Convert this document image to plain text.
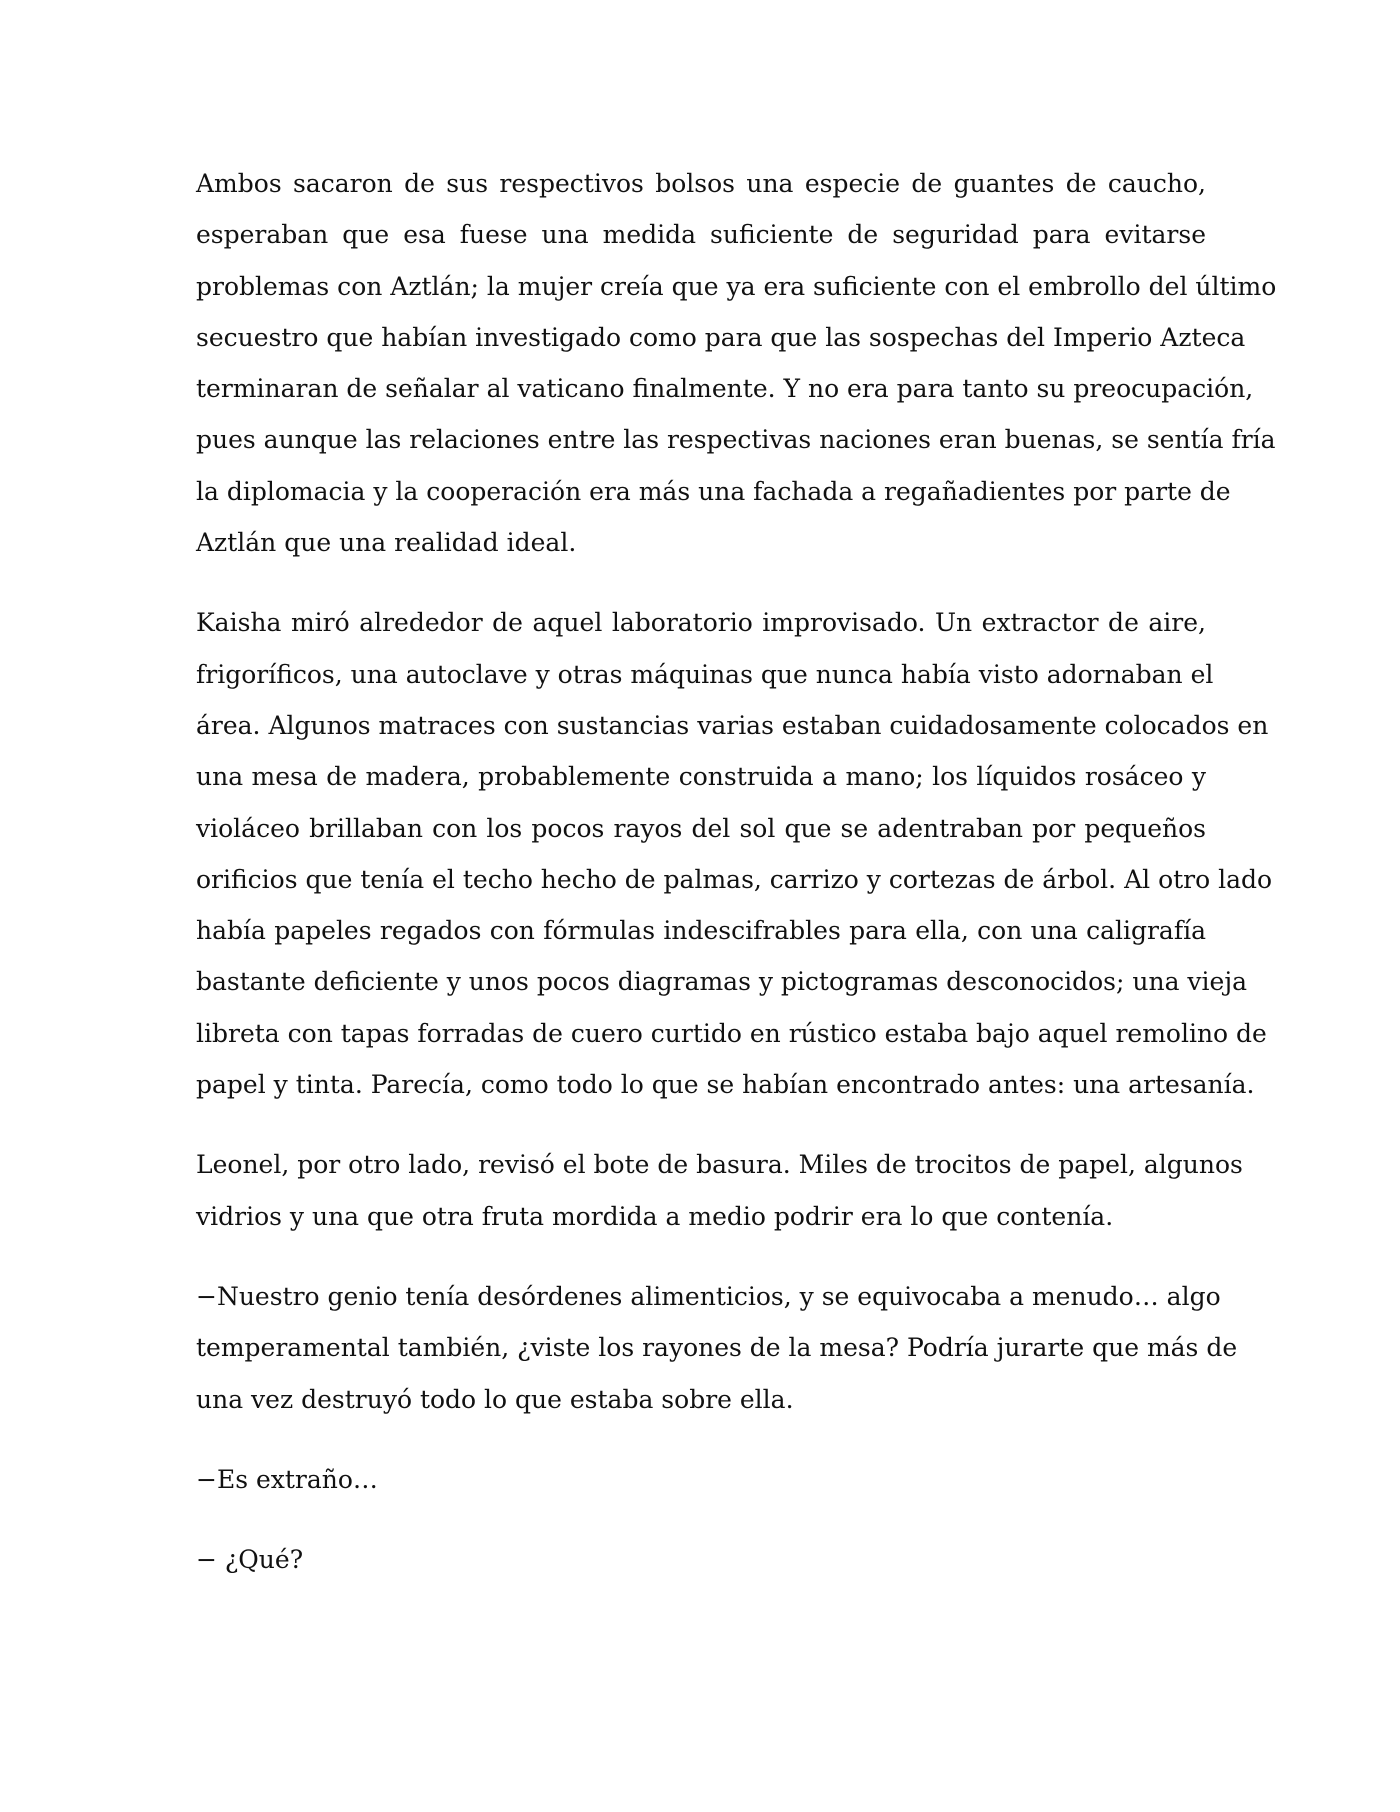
Ambos sacaron de sus respectivos bolsos una especie de guantes de caucho,
esperaban que esa fuese una medida suficiente de seguridad para evitarse
problemas con Aztlán; la mujer creía que ya era suficiente con el embrollo del último
secuestro que habían investigado como para que las sospechas del Imperio Azteca
terminaran de señalar al vaticano finalmente. Y no era para tanto su preocupación,
pues aunque las relaciones entre las respectivas naciones eran buenas, se sentía fría
la diplomacia y la cooperación era más una fachada a regañadientes por parte de
Aztlán que una realidad ideal.
Kaisha miró alrededor de aquel laboratorio improvisado. Un extractor de aire,
frigoríficos, una autoclave y otras máquinas que nunca había visto adornaban el
área. Algunos matraces con sustancias varias estaban cuidadosamente colocados en
una mesa de madera, probablemente construida a mano; los líquidos rosáceo y
violáceo brillaban con los pocos rayos del sol que se adentraban por pequeños
orificios que tenía el techo hecho de palmas, carrizo y cortezas de árbol. Al otro lado
había papeles regados con fórmulas indescifrables para ella, con una caligrafía
bastante deficiente y unos pocos diagramas y pictogramas desconocidos; una vieja
libreta con tapas forradas de cuero curtido en rústico estaba bajo aquel remolino de
papel y tinta. Parecía, como todo lo que se habían encontrado antes: una artesanía.
Leonel, por otro lado, revisó el bote de basura. Miles de trocitos de papel, algunos
vidrios y una que otra fruta mordida a medio podrir era lo que contenía.
−Nuestro genio tenía desórdenes alimenticios, y se equivocaba a menudo… algo
temperamental también, ¿viste los rayones de la mesa? Podría jurarte que más de
una vez destruyó todo lo que estaba sobre ella.
−Es extraño…
− ¿Qué?
